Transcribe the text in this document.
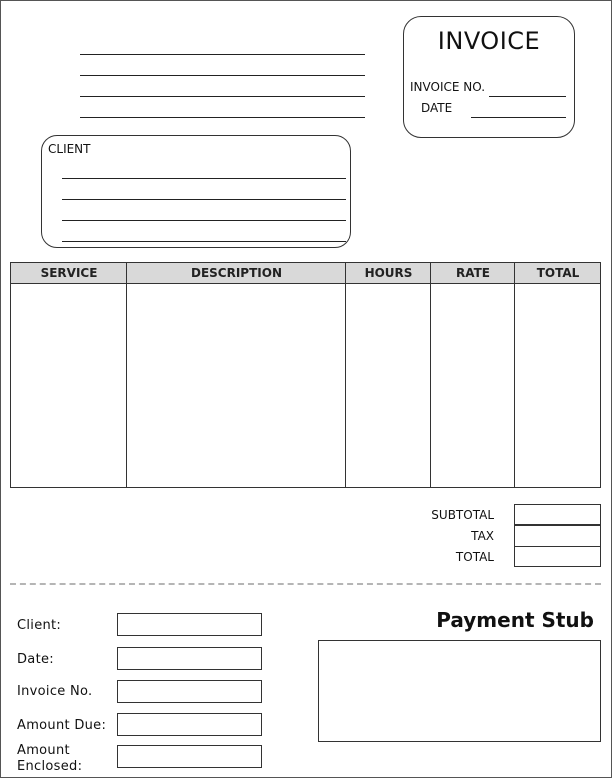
INVOICE
INVOICE NO.
DATE
CLIENT
SERVICE	DESCRIPTION	HOURS	RATE	TOTAL
SUBTOTAL
TAX
TOTAL
Client:
Date:
Invoice No.
Amount Due:
Amount
Enclosed:
Payment Stub
